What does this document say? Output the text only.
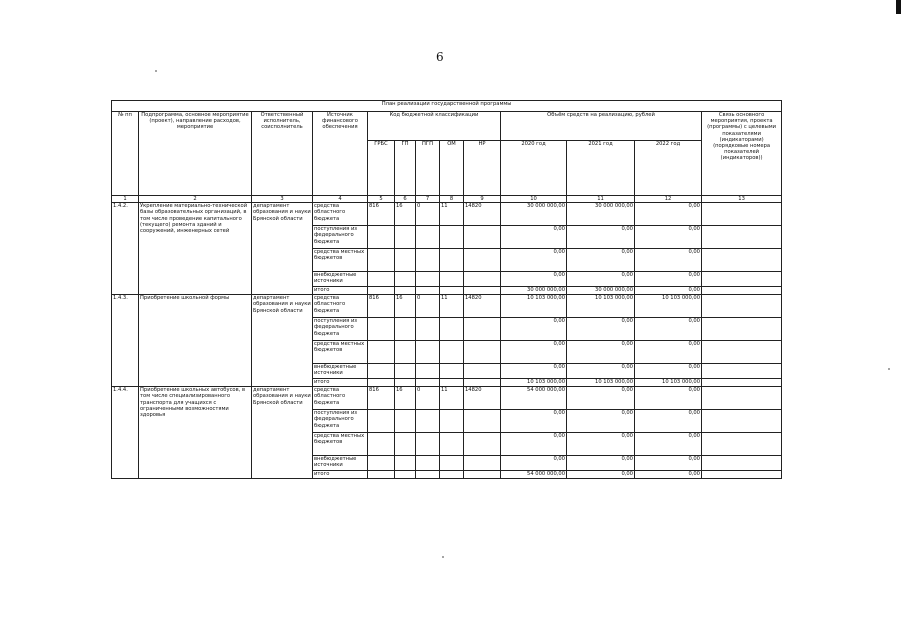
6
План реализации государственной программы												
№ пп	Подпрограмма, основное мероприятие (проект), направление расходов, мероприятие	Ответственный исполнитель, соисполнитель	Источник финансового обеспечения	Код бюджетной классификации					Объём средств на реализацию, рублей			Связь основного мероприятия, проекта (программы) с целевыми показателями (индикаторами) (порядковые номера показателей (индикаторов))
				ГРБС	ГП	ПГП	ОМ	НР	2020 год	2021 год	2022 год	
1	2	3	4	5	6	7	8	9	10	11	12	13
1.4.2.	Укрепление материально-технической базы образовательных организаций, в том числе проведение капитального (текущего) ремонта зданий и сооружений, инженерных сетей	департамент образования и науки Брянской области	средства областного бюджета	816	16	0	11	14820	30 000 000,00	30 000 000,00	0,00	
			поступления из федерального бюджета						0,00	0,00	0,00	
			средства местных бюджетов						0,00	0,00	0,00	
			внебюджетные источники						0,00	0,00	0,00	
			итого						30 000 000,00	30 000 000,00	0,00	
1.4.3.	Приобретение школьной формы	департамент образования и науки Брянской области	средства областного бюджета	816	16	0	11	14820	10 103 000,00	10 103 000,00	10 103 000,00	
			поступления из федерального бюджета						0,00	0,00	0,00	
			средства местных бюджетов						0,00	0,00	0,00	
			внебюджетные источники						0,00	0,00	0,00	
			итого						10 103 000,00	10 103 000,00	10 103 000,00	
1.4.4.	Приобретение школьных автобусов, в том числе специализированного транспорта для учащихся с ограниченными возможностями здоровья	департамент образования и науки Брянской области	средства областного бюджета	816	16	0	11	14820	54 000 000,00	0,00	0,00	
			поступления из федерального бюджета						0,00	0,00	0,00	
			средства местных бюджетов						0,00	0,00	0,00	
			внебюджетные источники						0,00	0,00	0,00	
			итого						54 000 000,00	0,00	0,00	
